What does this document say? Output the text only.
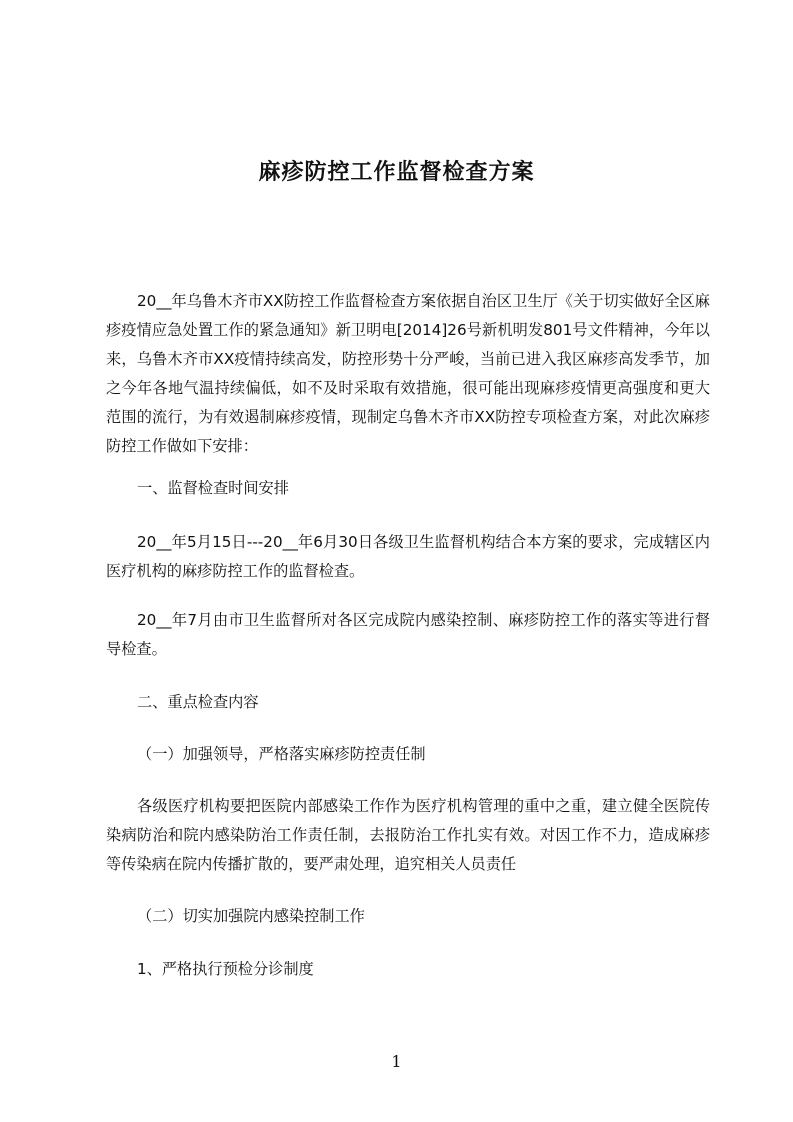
麻疹防控工作监督检查方案

20__年乌鲁木齐市XX防控工作监督检查方案依据自治区卫生厅《关于切实做好全区麻疹疫情应急处置工作的紧急通知》新卫明电[2014]26号新机明发801号文件精神，今年以来，乌鲁木齐市XX疫情持续高发，防控形势十分严峻，当前已进入我区麻疹高发季节，加之今年各地气温持续偏低，如不及时采取有效措施，很可能出现麻疹疫情更高强度和更大范围的流行，为有效遏制麻疹疫情，现制定乌鲁木齐市XX防控专项检查方案，对此次麻疹防控工作做如下安排：

一、监督检查时间安排

20__年5月15日---20__年6月30日各级卫生监督机构结合本方案的要求，完成辖区内医疗机构的麻疹防控工作的监督检查。

20__年7月由市卫生监督所对各区完成院内感染控制、麻疹防控工作的落实等进行督导检查。

二、重点检查内容

（一）加强领导，严格落实麻疹防控责任制

各级医疗机构要把医院内部感染工作作为医疗机构管理的重中之重，建立健全医院传染病防治和院内感染防治工作责任制，去报防治工作扎实有效。对因工作不力，造成麻疹等传染病在院内传播扩散的，要严肃处理，追究相关人员责任

（二）切实加强院内感染控制工作

1、严格执行预检分诊制度

1
